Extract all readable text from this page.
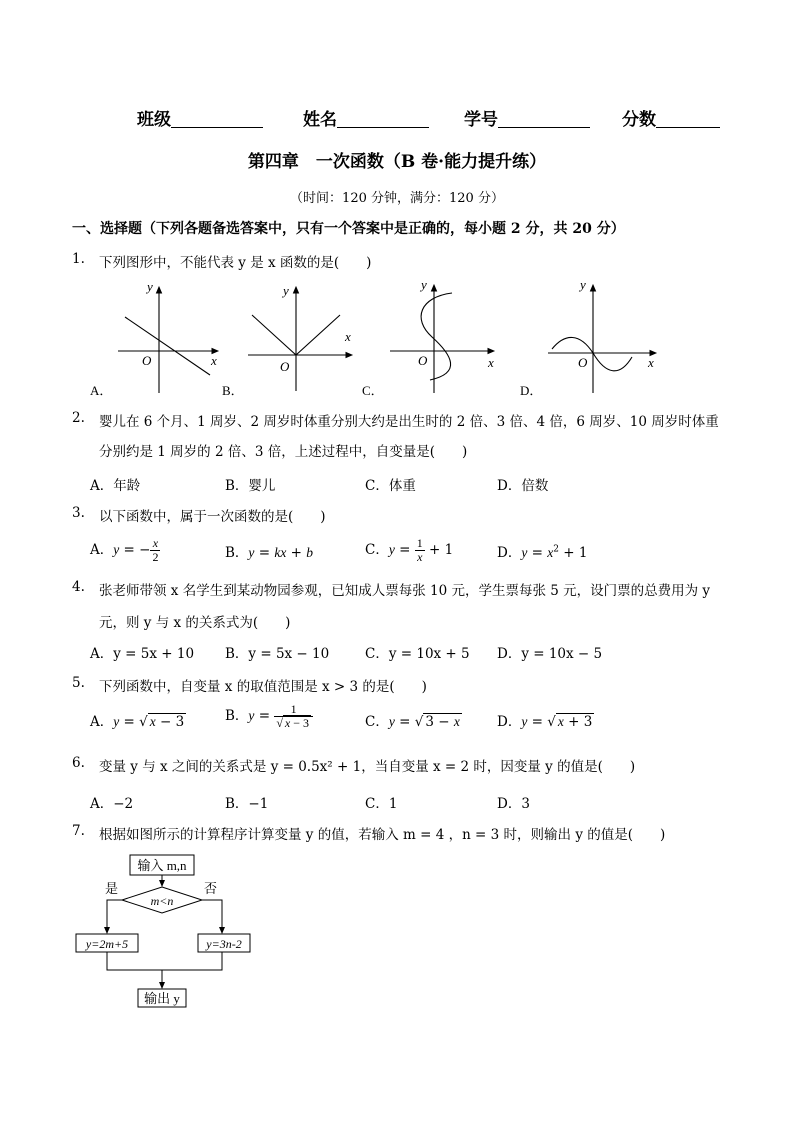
班级	姓名	学号	分数
第四章　一次函数（B 卷·能力提升练）
（时间：120 分钟，满分：120 分）
一、选择题（下列各题备选答案中，只有一个答案中是正确的，每小题 2 分，共 20 分）
1. 下列图形中，不能代表 y 是 x 函数的是(　　)
y
x
O
A．
y
x
O
B．
y
x
O
C．
y
x
O
D．
2. 婴儿在 6 个月、1 周岁、2 周岁时体重分别大约是出生时的 2 倍、3 倍、4 倍，6 周岁、10 周岁时体重
分别约是 1 周岁的 2 倍、3 倍，上述过程中，自变量是(　　)
A．年龄	B．婴儿	C．体重	D．倍数
3. 以下函数中，属于一次函数的是(　　)
A．y = − $\frac{x}{2}$	B．y = kx + b	C．$y = \frac{1}{x} + 1$	D．$y = x^2 + 1$
4. 张老师带领 x 名学生到某动物园参观，已知成人票每张 10 元，学生票每张 5 元，设门票的总费用为 y
元，则 y 与 x 的关系式为(　　)
A．y = 5x + 10 B．y = 5x − 10	C．y = 10x + 5 D．y = 10x − 5
5. 下列函数中，自变量 x 的取值范围是 x > 3 的是(　　)
A．y = √ x − 3	B．$y = \frac{1}{√ x - 3}$	C．y = √ 3 − x	D．y = √ x + 3
6. 变量 y 与 x 之间的关系式是 y = 0.5x² + 1，当自变量 x = 2 时，因变量 y 的值是(　　)
A．−2	B．−1	C．1	D．3
7. 根据如图所示的计算程序计算变量 y 的值，若输入 m = 4 ，n = 3 时，则输出 y 的值是(　　)
输入 m,n
m<n
是	否
y=2m+5	y=3n-2
输出 y
